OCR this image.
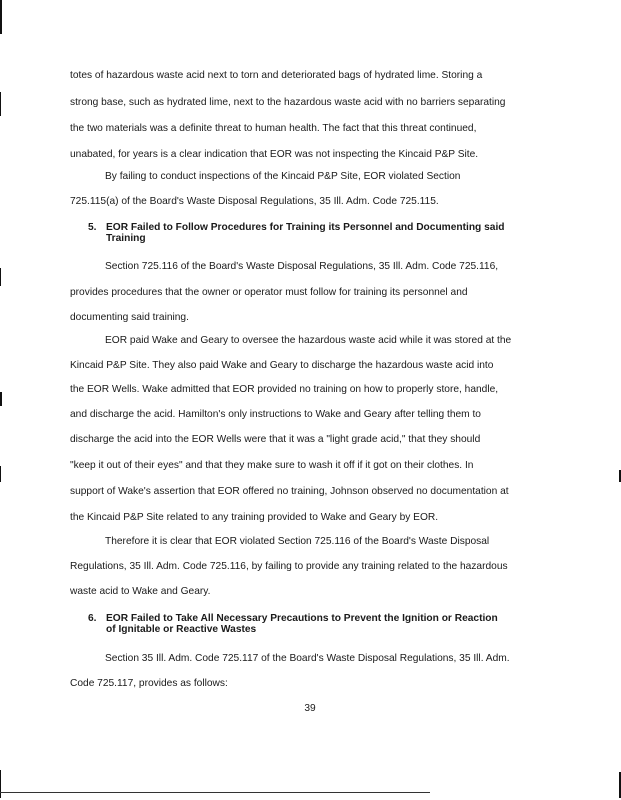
totes of hazardous waste acid next to torn and deteriorated bags of hydrated lime. Storing a
strong base, such as hydrated lime, next to the hazardous waste acid with no barriers separating
the two materials was a definite threat to human health. The fact that this threat continued,
unabated, for years is a clear indication that EOR was not inspecting the Kincaid P&P Site.
By failing to conduct inspections of the Kincaid P&P Site, EOR violated Section
725.115(a) of the Board's Waste Disposal Regulations, 35 Ill. Adm. Code 725.115.
5. EOR Failed to Follow Procedures for Training its Personnel and Documenting said
Training
Section 725.116 of the Board's Waste Disposal Regulations, 35 Ill. Adm. Code 725.116,
provides procedures that the owner or operator must follow for training its personnel and
documenting said training.
EOR paid Wake and Geary to oversee the hazardous waste acid while it was stored at the
Kincaid P&P Site. They also paid Wake and Geary to discharge the hazardous waste acid into
the EOR Wells. Wake admitted that EOR provided no training on how to properly store, handle,
and discharge the acid. Hamilton's only instructions to Wake and Geary after telling them to
discharge the acid into the EOR Wells were that it was a "light grade acid," that they should
"keep it out of their eyes" and that they make sure to wash it off if it got on their clothes. In
support of Wake's assertion that EOR offered no training, Johnson observed no documentation at
the Kincaid P&P Site related to any training provided to Wake and Geary by EOR.
Therefore it is clear that EOR violated Section 725.116 of the Board's Waste Disposal
Regulations, 35 Ill. Adm. Code 725.116, by failing to provide any training related to the hazardous
waste acid to Wake and Geary.
6. EOR Failed to Take All Necessary Precautions to Prevent the Ignition or Reaction
of Ignitable or Reactive Wastes
Section 35 Ill. Adm. Code 725.117 of the Board's Waste Disposal Regulations, 35 Ill. Adm.
Code 725.117, provides as follows:
39
